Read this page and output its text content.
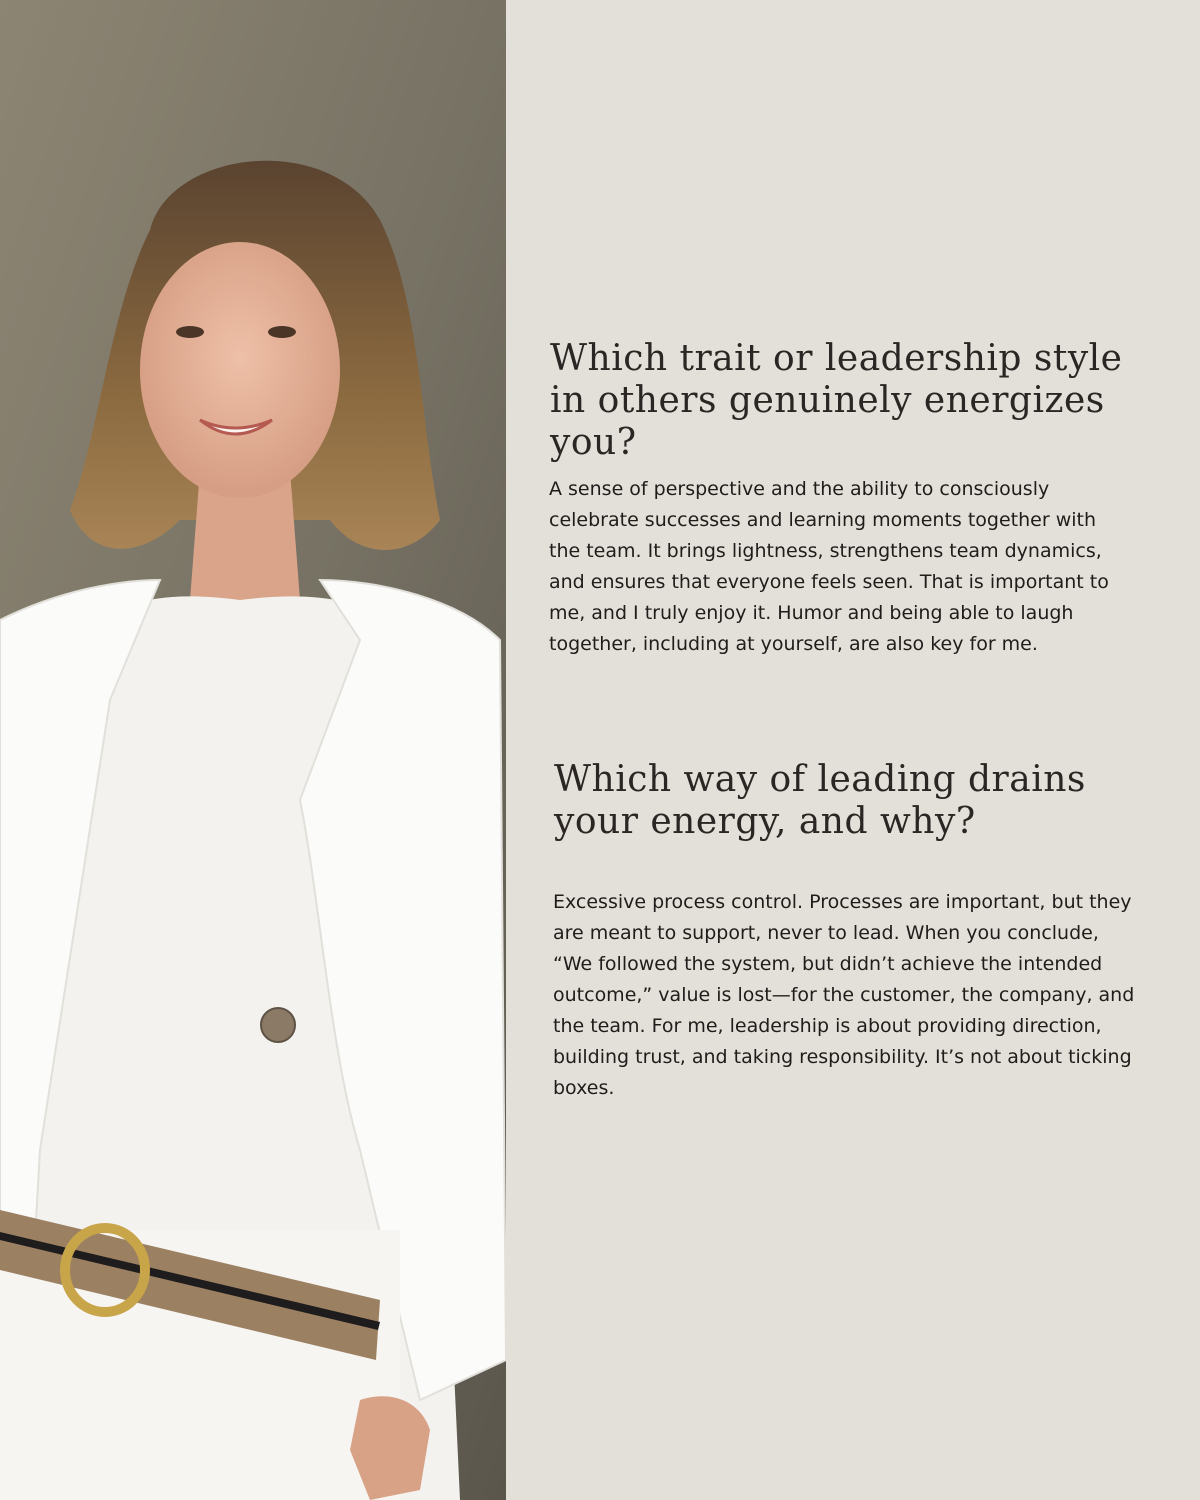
Which trait or leadership style in others genuinely energizes you?

A sense of perspective and the ability to consciously celebrate successes and learning moments together with the team. It brings lightness, strengthens team dynamics, and ensures that everyone feels seen. That is important to me, and I truly enjoy it. Humor and being able to laugh together, including at yourself, are also key for me.

Which way of leading drains your energy, and why?

Excessive process control. Processes are important, but they are meant to support, never to lead. When you conclude, “We followed the system, but didn’t achieve the intended outcome,” value is lost—for the customer, the company, and the team. For me, leadership is about providing direction, building trust, and taking responsibility. It’s not about ticking boxes.
